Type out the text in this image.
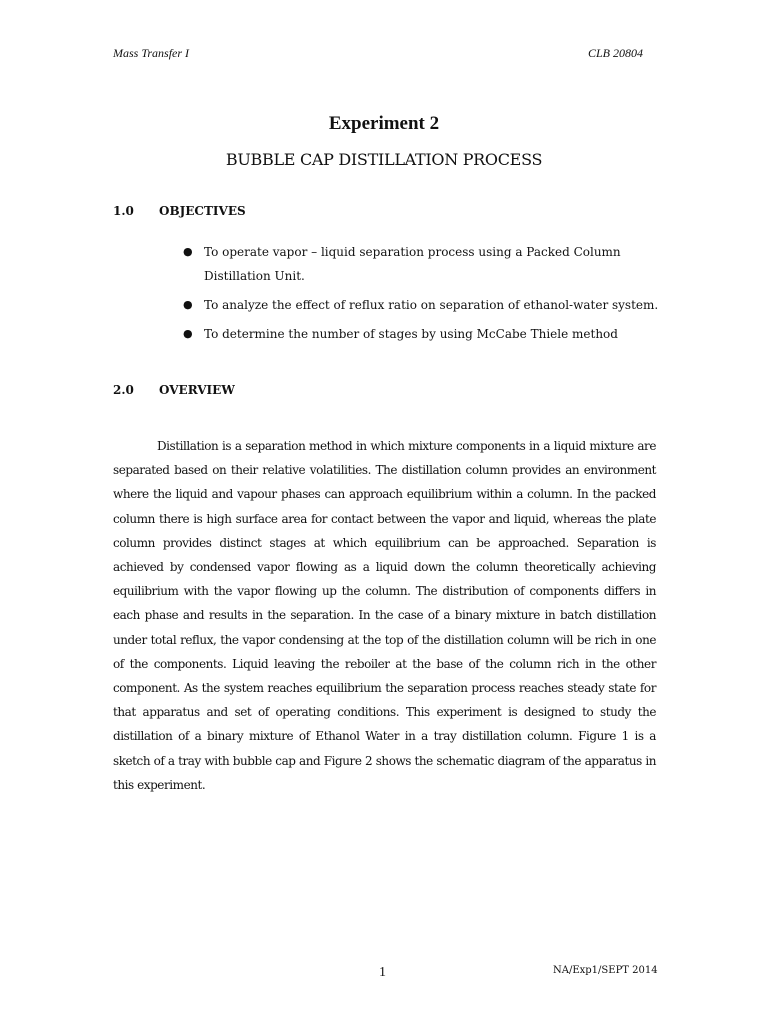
Mass Transfer I	CLB 20804
Experiment 2
BUBBLE CAP DISTILLATION PROCESS
1.0 OBJECTIVES
● To operate vapor – liquid separation process using a Packed Column Distillation Unit.
● To analyze the effect of reflux ratio on separation of ethanol-water system.
● To determine the number of stages by using McCabe Thiele method
2.0 OVERVIEW

Distillation is a separation method in which mixture components in a liquid mixture are separated based on their relative volatilities. The distillation column provides an environment where the liquid and vapour phases can approach equilibrium within a column. In the packed column there is high surface area for contact between the vapor and liquid, whereas the plate column provides distinct stages at which equilibrium can be approached. Separation is achieved by condensed vapor flowing as a liquid down the column theoretically achieving equilibrium with the vapor flowing up the column. The distribution of components differs in each phase and results in the separation. In the case of a binary mixture in batch distillation under total reflux, the vapor condensing at the top of the distillation column will be rich in one of the components. Liquid leaving the reboiler at the base of the column rich in the other component. As the system reaches equilibrium the separation process reaches steady state for that apparatus and set of operating conditions. This experiment is designed to study the distillation of a binary mixture of Ethanol Water in a tray distillation column. Figure 1 is a sketch of a tray with bubble cap and Figure 2 shows the schematic diagram of the apparatus in this experiment.

1	NA/Exp1/SEPT 2014
